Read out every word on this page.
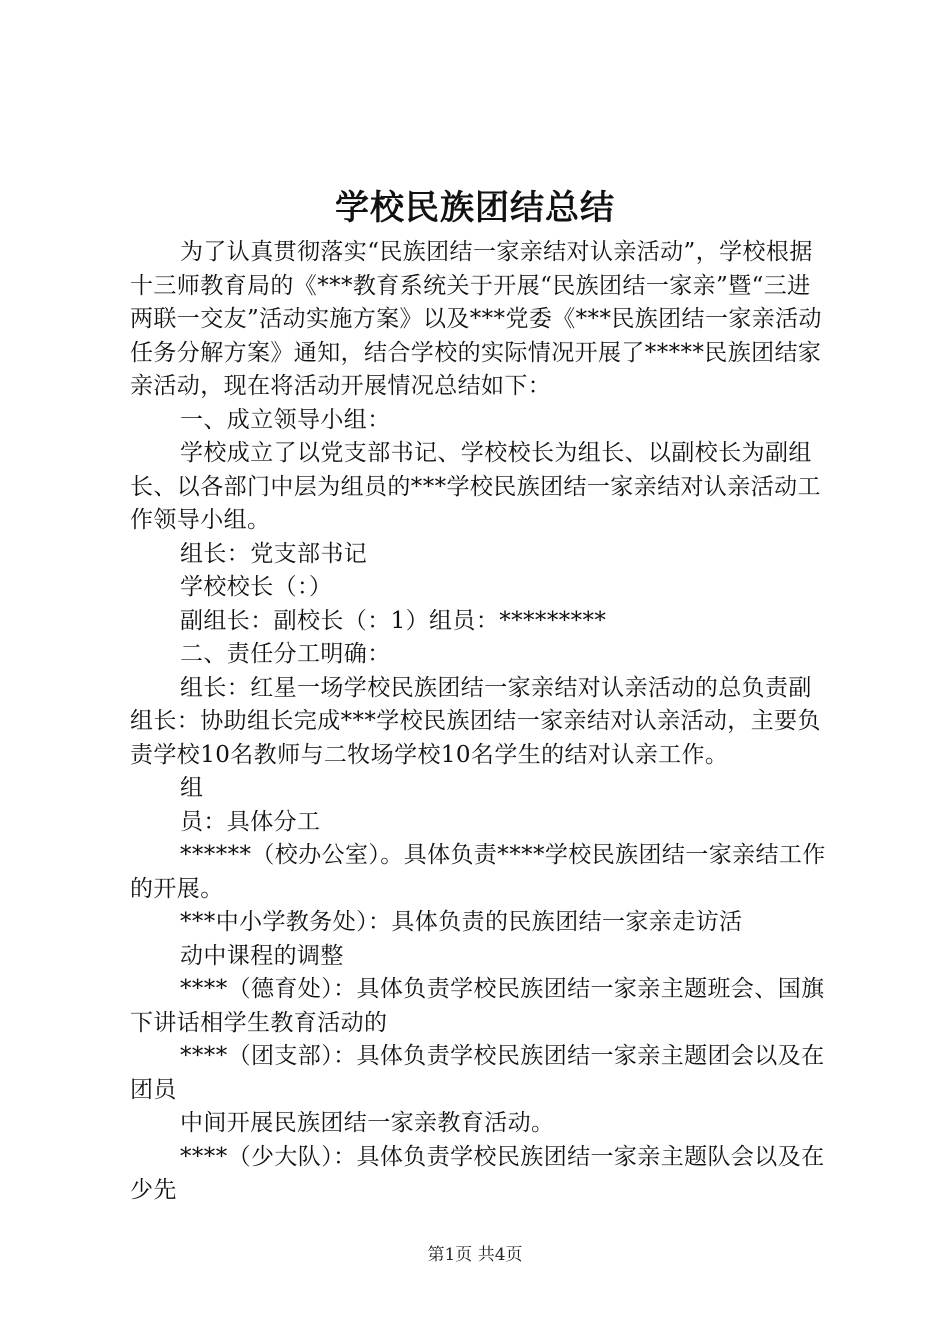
学校民族团结总结

为了认真贯彻落实“民族团结一家亲结对认亲活动”，学校根据十三师教育局的《***教育系统关于开展“民族团结一家亲”暨“三进两联一交友”活动实施方案》以及***党委《***民族团结一家亲活动任务分解方案》通知，结合学校的实际情况开展了*****民族团结家亲活动，现在将活动开展情况总结如下：

一、成立领导小组：

学校成立了以党支部书记、学校校长为组长、以副校长为副组长、以各部门中层为组员的***学校民族团结一家亲结对认亲活动工作领导小组。

组长：党支部书记

学校校长（：）

副组长：副校长（：1）组员：*********

二、责任分工明确：

组长：红星一场学校民族团结一家亲结对认亲活动的总负责副组长：协助组长完成***学校民族团结一家亲结对认亲活动，主要负责学校10名教师与二牧场学校10名学生的结对认亲工作。

组

员：具体分工

******（校办公室）。具体负责****学校民族团结一家亲结工作的开展。

***中小学教务处）：具体负责的民族团结一家亲走访活

动中课程的调整

****（德育处）：具体负责学校民族团结一家亲主题班会、国旗下讲话相学生教育活动的

****（团支部）：具体负责学校民族团结一家亲主题团会以及在团员

中间开展民族团结一家亲教育活动。

****（少大队）：具体负责学校民族团结一家亲主题队会以及在少先

第1页 共4页
